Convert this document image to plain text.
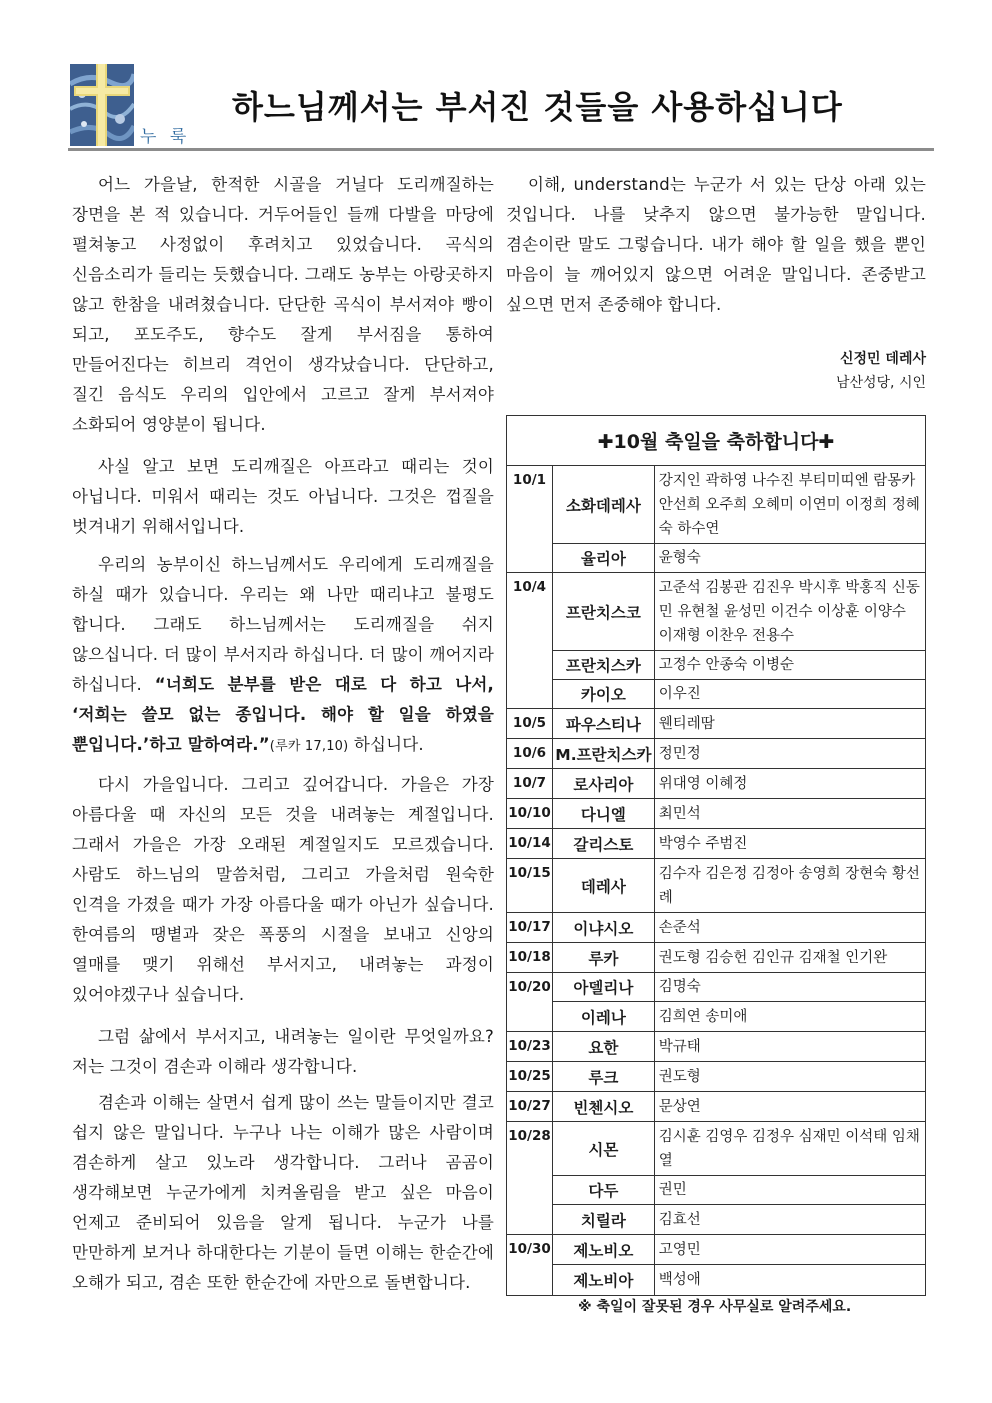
누 룩
하느님께서는 부서진 것들을 사용하십니다

어느 가을날, 한적한 시골을 거닐다 도리깨질하는 장면을 본 적 있습니다. 거두어들인 들깨 다발을 마당에 펼쳐놓고 사정없이 후려치고 있었습니다. 곡식의 신음소리가 들리는 듯했습니다. 그래도 농부는 아랑곳하지 않고 한참을 내려쳤습니다. 단단한 곡식이 부서져야 빵이 되고, 포도주도, 향수도 잘게 부서짐을 통하여 만들어진다는 히브리 격언이 생각났습니다. 단단하고, 질긴 음식도 우리의 입안에서 고르고 잘게 부서져야 소화되어 영양분이 됩니다.

사실 알고 보면 도리깨질은 아프라고 때리는 것이 아닙니다. 미워서 때리는 것도 아닙니다. 그것은 껍질을 벗겨내기 위해서입니다.

우리의 농부이신 하느님께서도 우리에게 도리깨질을 하실 때가 있습니다. 우리는 왜 나만 때리냐고 불평도 합니다. 그래도 하느님께서는 도리깨질을 쉬지 않으십니다. 더 많이 부서지라 하십니다. 더 많이 깨어지라 하십니다. “너희도 분부를 받은 대로 다 하고 나서, ‘저희는 쓸모 없는 종입니다. 해야 할 일을 하였을 뿐입니다.’하고 말하여라.”(루카 17,10) 하십니다.

다시 가을입니다. 그리고 깊어갑니다. 가을은 가장 아름다울 때 자신의 모든 것을 내려놓는 계절입니다. 그래서 가을은 가장 오래된 계절일지도 모르겠습니다. 사람도 하느님의 말씀처럼, 그리고 가을처럼 원숙한 인격을 가졌을 때가 가장 아름다울 때가 아닌가 싶습니다. 한여름의 땡볕과 잦은 폭풍의 시절을 보내고 신앙의 열매를 맺기 위해선 부서지고, 내려놓는 과정이 있어야겠구나 싶습니다.

그럼 삶에서 부서지고, 내려놓는 일이란 무엇일까요? 저는 그것이 겸손과 이해라 생각합니다.

겸손과 이해는 살면서 쉽게 많이 쓰는 말들이지만 결코 쉽지 않은 말입니다. 누구나 나는 이해가 많은 사람이며 겸손하게 살고 있노라 생각합니다. 그러나 곰곰이 생각해보면 누군가에게 치켜올림을 받고 싶은 마음이 언제고 준비되어 있음을 알게 됩니다. 누군가 나를 만만하게 보거나 하대한다는 기분이 들면 이해는 한순간에 오해가 되고, 겸손 또한 한순간에 자만으로 돌변합니다.

이해, understand는 누군가 서 있는 단상 아래 있는 것입니다. 나를 낮추지 않으면 불가능한 말입니다. 겸손이란 말도 그렇습니다. 내가 해야 할 일을 했을 뿐인 마음이 늘 깨어있지 않으면 어려운 말입니다. 존중받고 싶으면 먼저 존중해야 합니다.

신정민 데레사
남산성당, 시인
✚10월 축일을 축하합니다✚		
10/1	소화데레사	강지인 곽하영 나수진 부티미띠엔 람몽카 안선희 오주희 오혜미 이연미 이정희 정혜숙 하수연
	율리아	윤형숙
10/4	프란치스코	고준석 김봉관 김진우 박시후 박홍직 신동민 유현철 윤성민 이건수 이상훈 이양수 이재형 이찬우 전용수
	프란치스카	고정수 안종숙 이병순
	카이오	이우진
10/5	파우스티나	웬티레땀
10/6	M.프란치스카	정민정
10/7	로사리아	위대영 이혜정
10/10	다니엘	최민석
10/14	갈리스토	박영수 주범진
10/15	데레사	김수자 김은정 김정아 송영희 장현숙 황선례
10/17	이냐시오	손준석
10/18	루카	권도형 김승헌 김인규 김재철 인기완
10/20	아델리나	김명숙
	이레나	김희연 송미애
10/23	요한	박규태
10/25	루크	권도형
10/27	빈첸시오	문상연
10/28	시몬	김시훈 김영우 김정우 심재민 이석태 임채열
	다두	권민
	치릴라	김효선
10/30	제노비오	고영민
	제노비아	백성애
※ 축일이 잘못된 경우 사무실로 알려주세요.
